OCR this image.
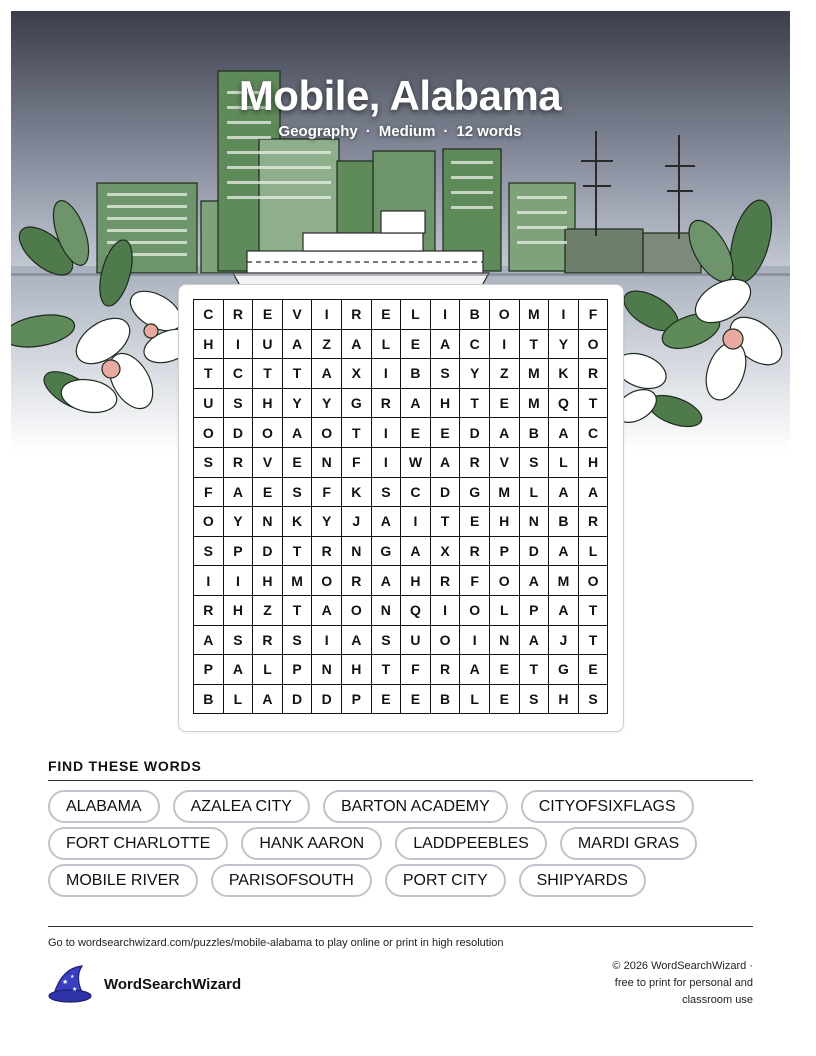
Mobile, Alabama
Geography · Medium · 12 words
C	R	E	V	I	R	E	L	I	B	O	M	I	F
H	I	U	A	Z	A	L	E	A	C	I	T	Y	O
T	C	T	T	A	X	I	B	S	Y	Z	M	K	R
U	S	H	Y	Y	G	R	A	H	T	E	M	Q	T
O	D	O	A	O	T	I	E	E	D	A	B	A	C
S	R	V	E	N	F	I	W	A	R	V	S	L	H
F	A	E	S	F	K	S	C	D	G	M	L	A	A
O	Y	N	K	Y	J	A	I	T	E	H	N	B	R
S	P	D	T	R	N	G	A	X	R	P	D	A	L
I	I	H	M	O	R	A	H	R	F	O	A	M	O
R	H	Z	T	A	O	N	Q	I	O	L	P	A	T
A	S	R	S	I	A	S	U	O	I	N	A	J	T
P	A	L	P	N	H	T	F	R	A	E	T	G	E
B	L	A	D	D	P	E	E	B	L	E	S	H	S
FIND THESE WORDS
ALABAMA	AZALEA CITY	BARTON ACADEMY	CITYOFSIXFLAGS
FORT CHARLOTTE	HANK AARON	LADDPEEBLES	MARDI GRAS
MOBILE RIVER	PARISOFSOUTH	PORT CITY	SHIPYARDS
Go to wordsearchwizard.com/puzzles/mobile-alabama to play online or print in high resolution
★
★
★ WordSearchWizard
© 2026 WordSearchWizard ·
free to print for personal and
classroom use
